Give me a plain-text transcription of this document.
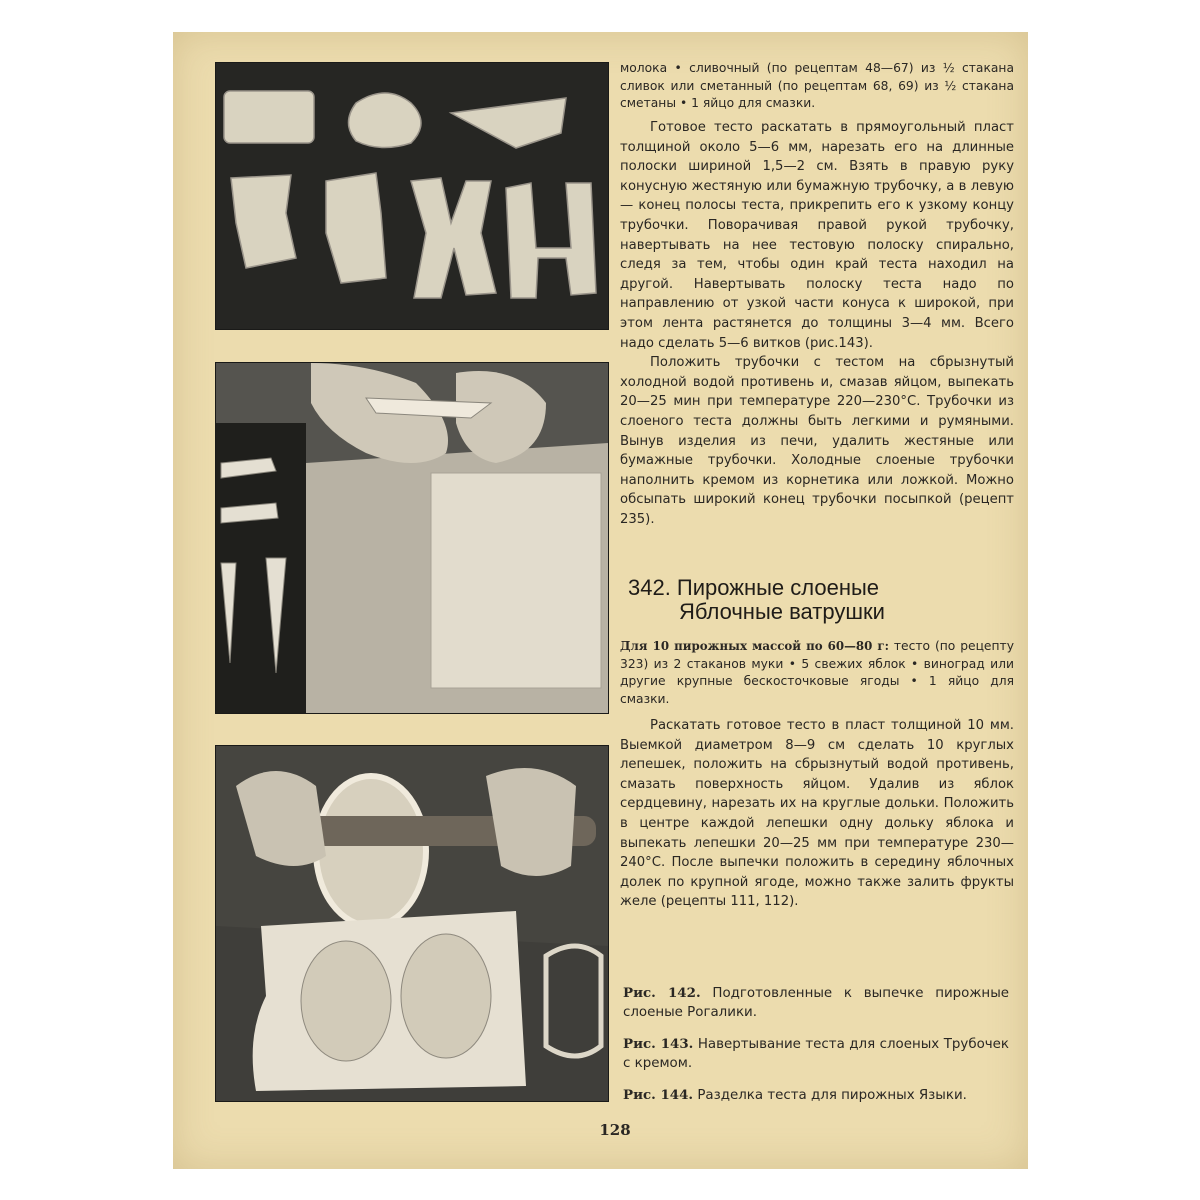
молока • сливочный (по рецептам 48—67) из ½ стакана сливок или сметанный (по рецептам 68, 69) из ½ стакана сметаны • 1 яйцо для смазки.

Готовое тесто раскатать в прямоугольный пласт толщиной около 5—6 мм, нарезать его на длинные полоски шириной 1,5—2 см. Взять в правую руку конусную жестяную или бумажную трубочку, а в левую — конец полосы теста, прикрепить его к узкому концу трубочки. Поворачивая правой рукой трубочку, навертывать на нее тестовую полоску спирально, следя за тем, чтобы один край теста находил на другой. Навертывать полоску теста надо по направлению от узкой части конуса к широкой, при этом лента растянется до толщины 3—4 мм. Всего надо сделать 5—6 витков (рис.143).

Положить трубочки с тестом на сбрызнутый холодной водой противень и, смазав яйцом, выпекать 20—25 мин при температуре 220—230°С. Трубочки из слоеного теста должны быть легкими и румяными. Вынув изделия из печи, удалить жестяные или бумажные трубочки. Холодные слоеные трубочки наполнить кремом из корнетика или ложкой. Можно обсыпать широкий конец трубочки посыпкой (рецепт 235).

342. Пирожные слоеные
Яблочные ватрушки

Для 10 пирожных массой по 60—80 г: тесто (по рецепту 323) из 2 стаканов муки • 5 свежих яблок • виноград или другие крупные бескосточковые ягоды • 1 яйцо для смазки.

Раскатать готовое тесто в пласт толщиной 10 мм. Выемкой диаметром 8—9 см сделать 10 круглых лепешек, положить на сбрызнутый водой противень, смазать поверхность яйцом. Удалив из яблок сердцевину, нарезать их на круглые дольки. Положить в центре каждой лепешки одну дольку яблока и выпекать лепешки 20—25 мм при температуре 230—240°С. После выпечки положить в середину яблочных долек по крупной ягоде, можно также залить фрукты желе (рецепты 111, 112).

Рис. 142. Подготовленные к выпечке пирожные слоеные Рогалики.
Рис. 143. Навертывание теста для слоеных Трубочек с кремом.
Рис. 144. Разделка теста для пирожных Языки.
128
